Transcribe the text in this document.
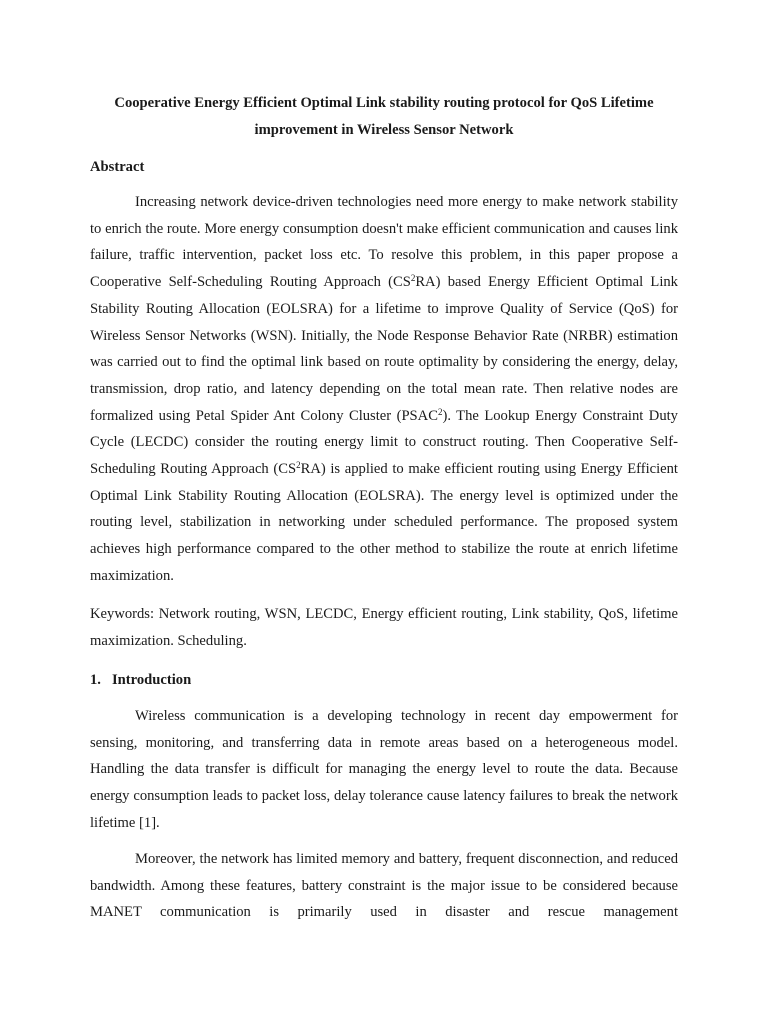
Cooperative Energy Efficient Optimal Link stability routing protocol for QoS Lifetime improvement in Wireless Sensor Network
Abstract

Increasing network device-driven technologies need more energy to make network stability to enrich the route. More energy consumption doesn't make efficient communication and causes link failure, traffic intervention, packet loss etc. To resolve this problem, in this paper propose a Cooperative Self-Scheduling Routing Approach $(CS^2RA)$ based Energy Efficient Optimal Link Stability Routing Allocation (EOLSRA) for a lifetime to improve Quality of Service (QoS) for Wireless Sensor Networks (WSN). Initially, the Node Response Behavior Rate (NRBR) estimation was carried out to find the optimal link based on route optimality by considering the energy, delay, transmission, drop ratio, and latency depending on the total mean rate. Then relative nodes are formalized using Petal Spider Ant Colony Cluster (PSAC$^2$). The Lookup Energy Constraint Duty Cycle (LECDC) consider the routing energy limit to construct routing. Then Cooperative Self-Scheduling Routing Approach $(CS^2RA)$ is applied to make efficient routing using Energy Efficient Optimal Link Stability Routing Allocation (EOLSRA). The energy level is optimized under the routing level, stabilization in networking under scheduled performance. The proposed system achieves high performance compared to the other method to stabilize the route at enrich lifetime maximization.

Keywords: Network routing, WSN, LECDC, Energy efficient routing, Link stability, QoS, lifetime maximization. Scheduling.

1. Introduction

Wireless communication is a developing technology in recent day empowerment for sensing, monitoring, and transferring data in remote areas based on a heterogeneous model. Handling the data transfer is difficult for managing the energy level to route the data. Because energy consumption leads to packet loss, delay tolerance cause latency failures to break the network lifetime [1].

Moreover, the network has limited memory and battery, frequent disconnection, and reduced bandwidth. Among these features, battery constraint is the major issue to be considered because MANET communication is primarily used in disaster and rescue management
